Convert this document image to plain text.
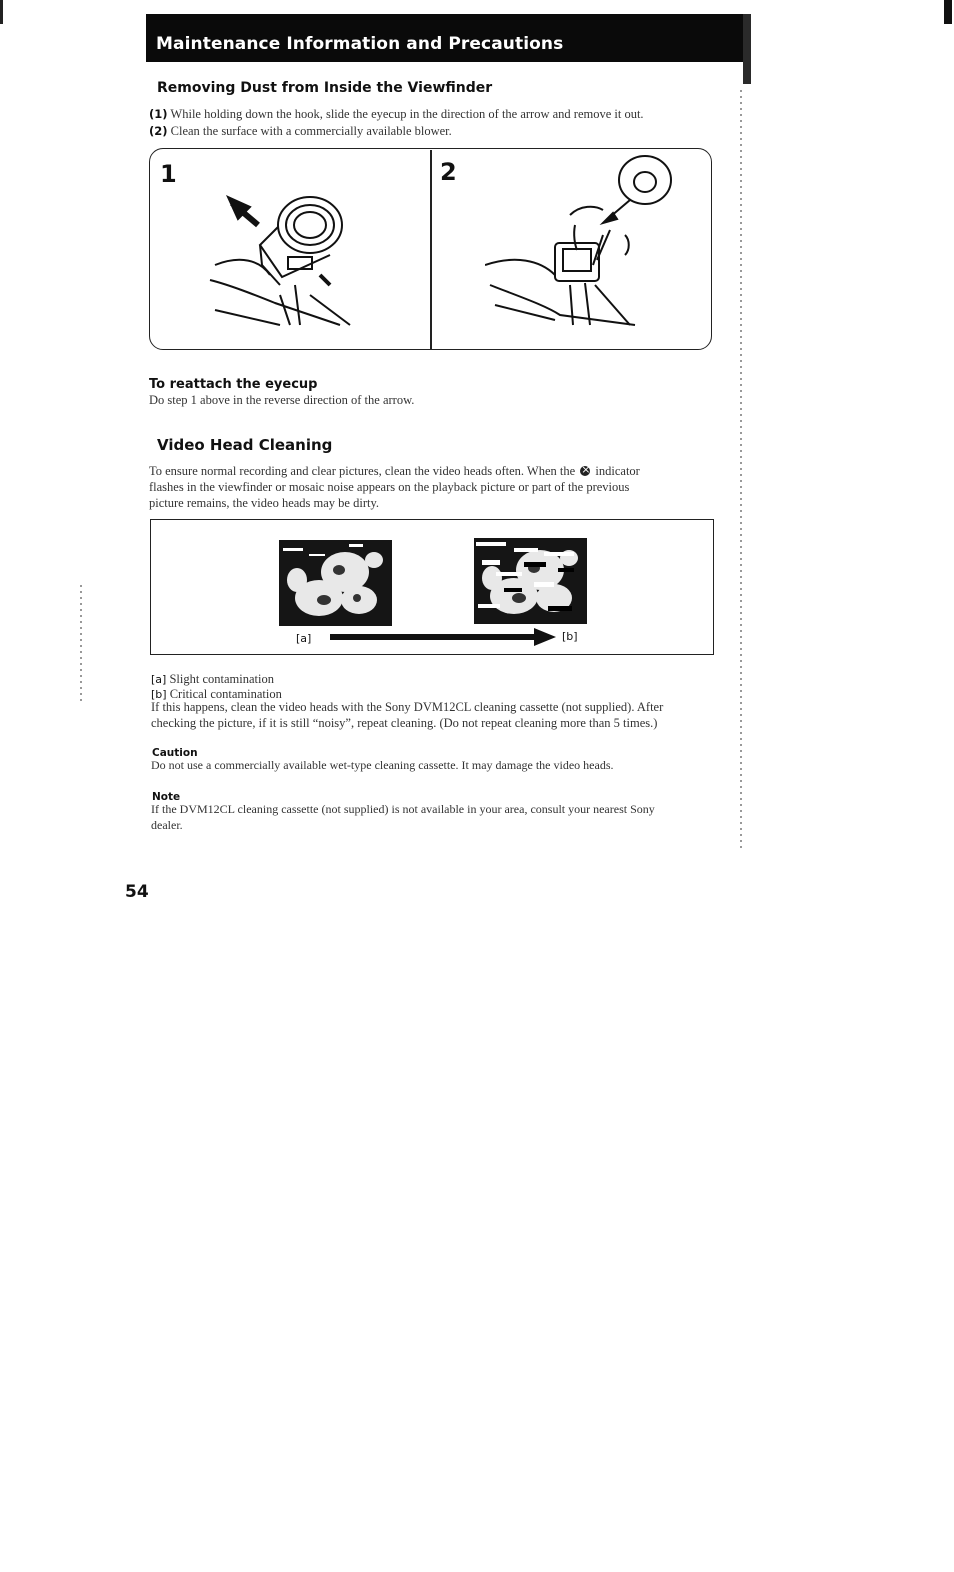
Maintenance Information and Precautions
Removing Dust from Inside the Viewfinder
(1) While holding down the hook, slide the eyecup in the direction of the arrow and remove it out.
(2) Clean the surface with a commercially available blower.
1	2
To reattach the eyecup
Do step 1 above in the reverse direction of the arrow.
Video Head Cleaning
To ensure normal recording and clear pictures, clean the video heads often. When the × indicator
flashes in the viewfinder or mosaic noise appears on the playback picture or part of the previous
picture remains, the video heads may be dirty.
[a]	[b]
[a] Slight contamination
[b] Critical contamination
If this happens, clean the video heads with the Sony DVM12CL cleaning cassette (not supplied). After
checking the picture, if it is still “noisy”, repeat cleaning. (Do not repeat cleaning more than 5 times.)
Caution
Do not use a commercially available wet-type cleaning cassette. It may damage the video heads.
Note
If the DVM12CL cleaning cassette (not supplied) is not available in your area, consult your nearest Sony
dealer.
54
